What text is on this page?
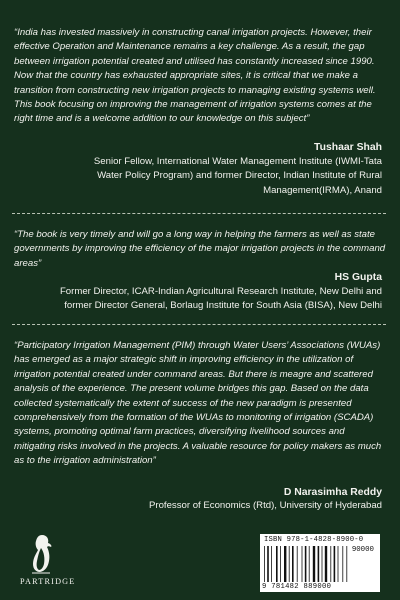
“India has invested massively in constructing canal irrigation projects. However, their effective Operation and Maintenance remains a key challenge. As a result, the gap between irrigation potential created and utilised has constantly increased since 1990. Now that the country has exhausted appropriate sites, it is critical that we make a transition from constructing new irrigation projects to managing existing systems well. This book focusing on improving the management of irrigation systems comes at the right time and is a welcome addition to our knowledge on this subject”

Tushaar Shah

Senior Fellow, International Water Management Institute (IWMI-Tata
Water Policy Program) and former Director, Indian Institute of Rural
Management(IRMA), Anand

“The book is very timely and will go a long way in helping the farmers as well as state governments by improving the efficiency of the major irrigation projects in the command areas”

HS Gupta

Former Director, ICAR-Indian Agricultural Research Institute, New Delhi and
former Director General, Borlaug Institute for South Asia (BISA), New Delhi

“Participatory Irrigation Management (PIM) through Water Users’ Associations (WUAs) has emerged as a major strategic shift in improving efficiency in the utilization of irrigation potential created under command areas. But there is meagre and scattered analysis of the experience. The present volume bridges this gap. Based on the data collected systematically the extent of success of the new paradigm is presented comprehensively from the formation of the WUAs to monitoring of irrigation (SCADA) systems, promoting optimal farm practices, diversifying livelihood sources and mitigating risks involved in the projects. A valuable resource for policy makers as much as to the irrigation administration”

D Narasimha Reddy

Professor of Economics (Rtd), University of Hyderabad
PARTRIDGE
ISBN 978-1-4828-8900-0
90000
9 781482 889000
